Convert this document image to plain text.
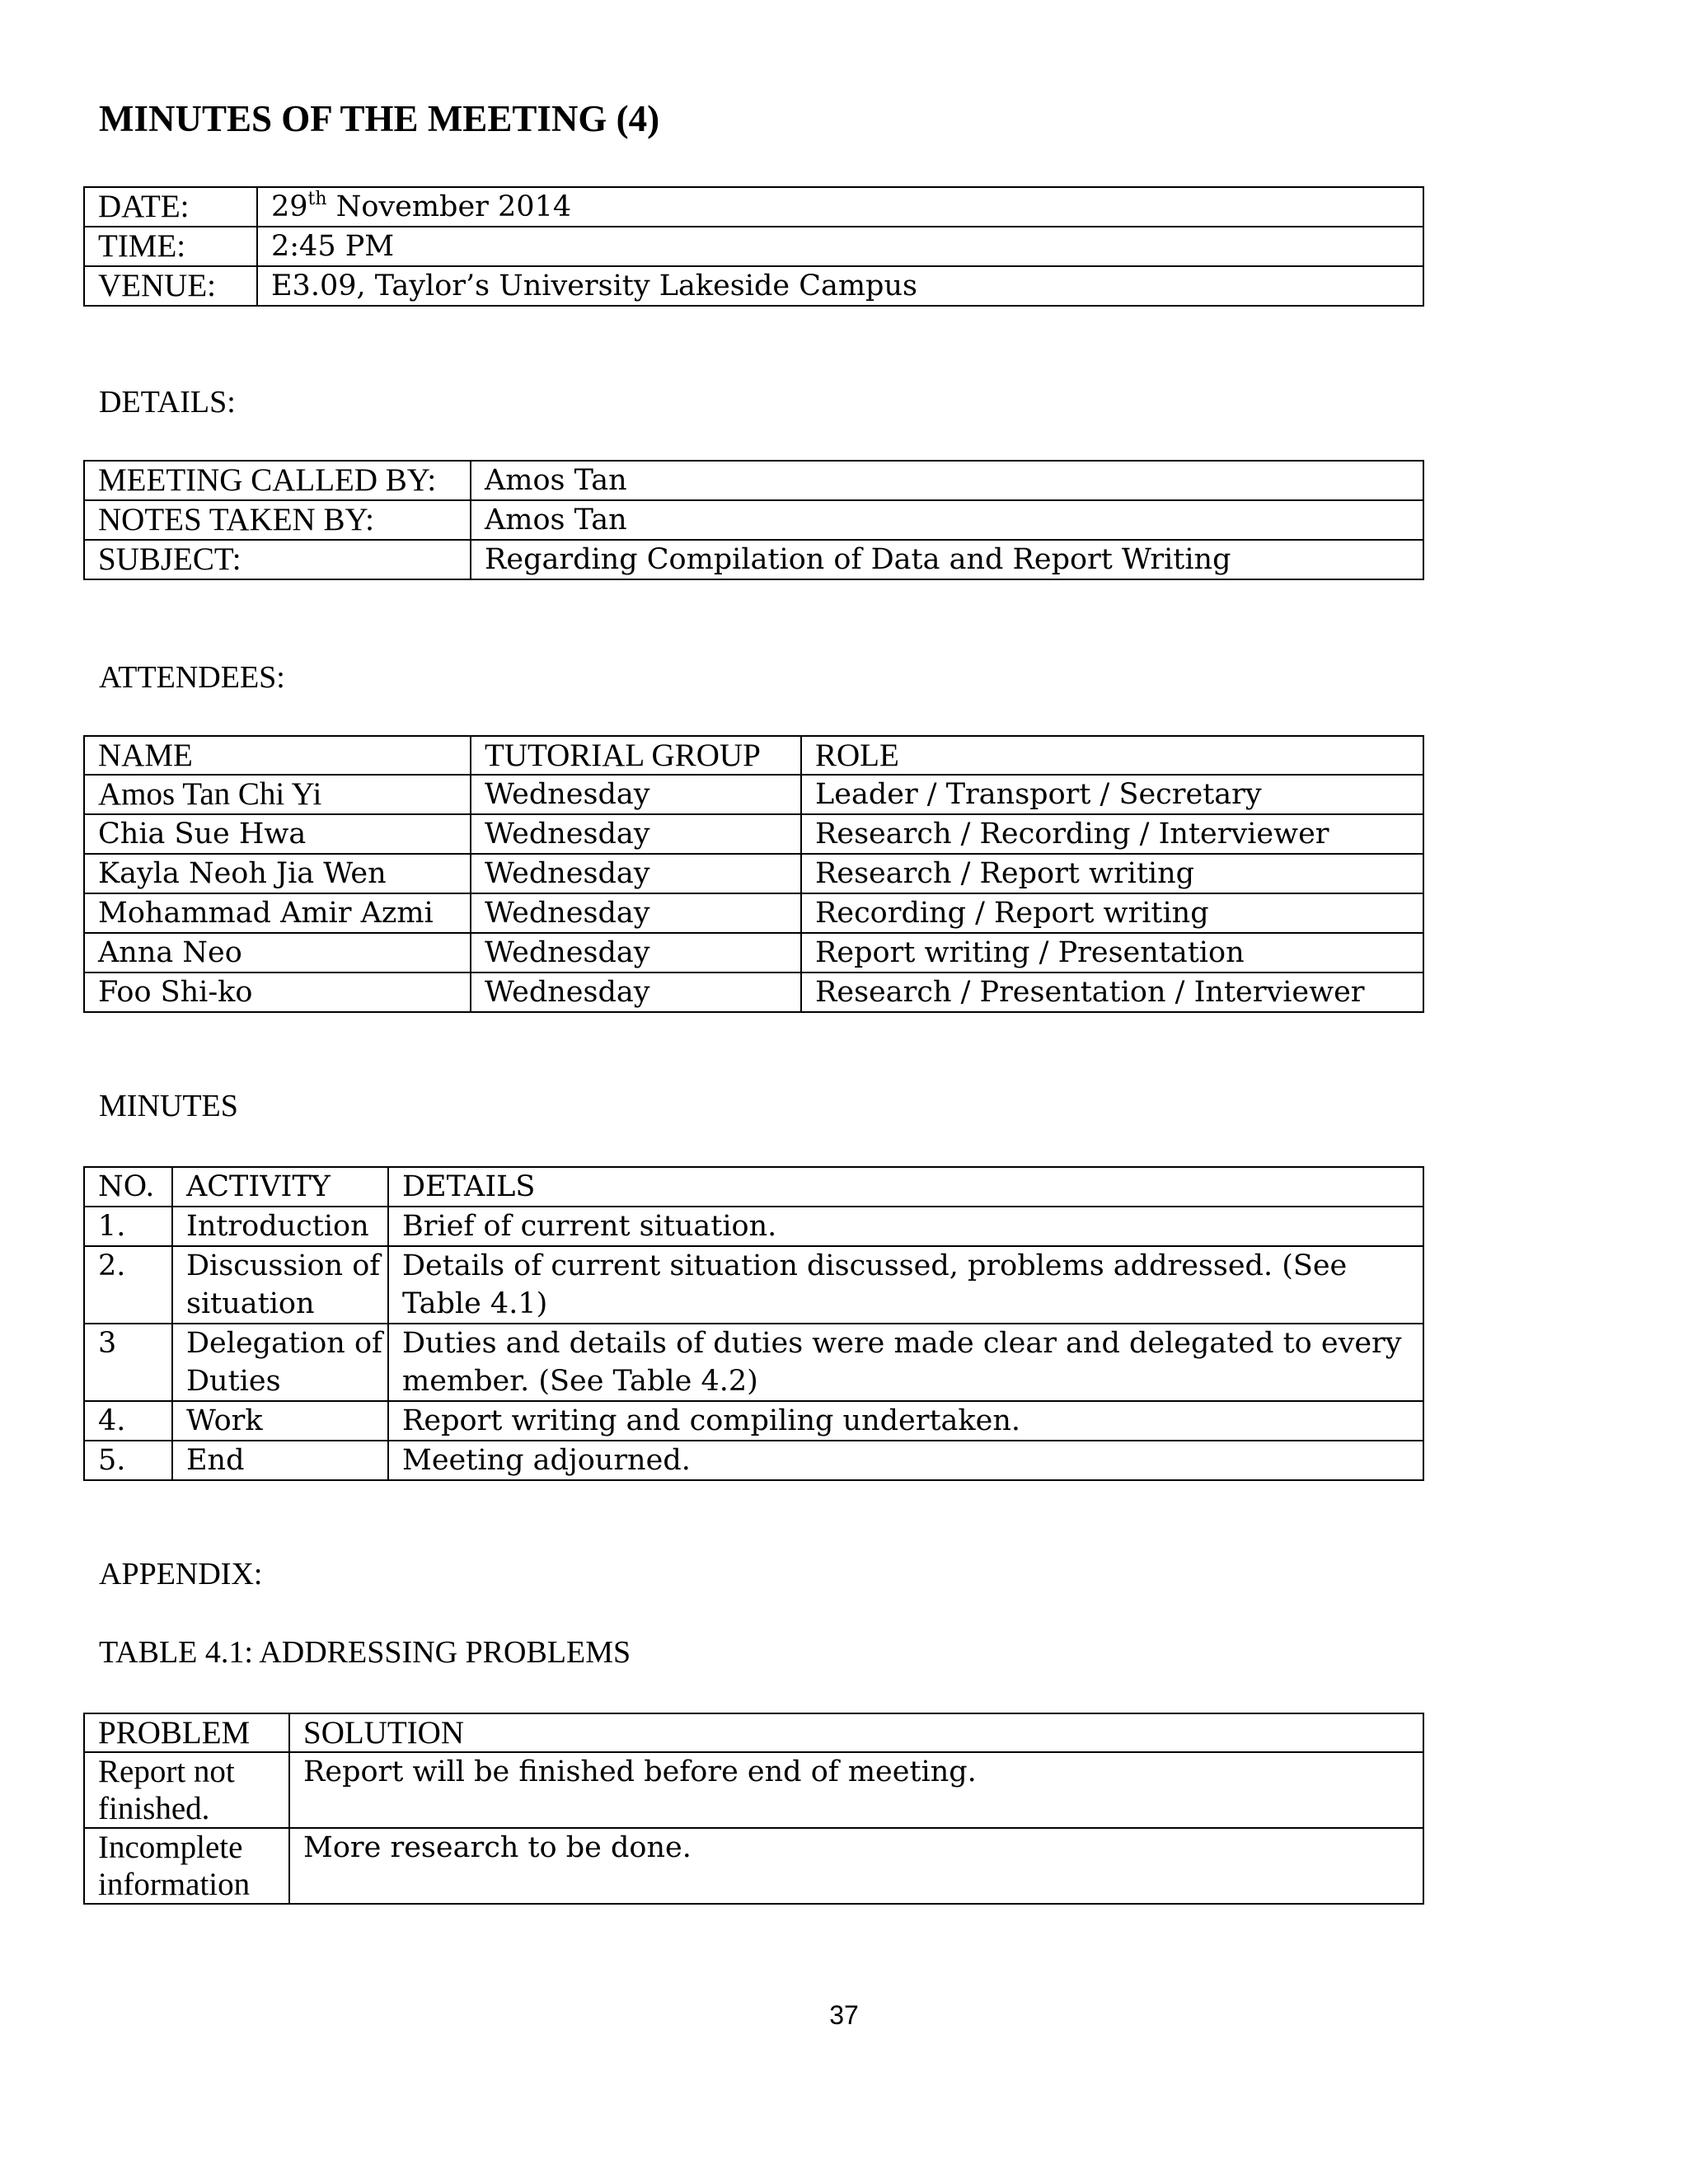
MINUTES OF THE MEETING (4)
DATE:	29th November 2014
TIME:	2:45 PM
VENUE:	E3.09, Taylor’s University Lakeside Campus

DETAILS:

MEETING CALLED BY:	Amos Tan
NOTES TAKEN BY:	Amos Tan
SUBJECT:	Regarding Compilation of Data and Report Writing

ATTENDEES:

NAME	TUTORIAL GROUP	ROLE
Amos Tan Chi Yi	Wednesday	Leader / Transport / Secretary
Chia Sue Hwa	Wednesday	Research / Recording / Interviewer
Kayla Neoh Jia Wen	Wednesday	Research / Report writing
Mohammad Amir Azmi	Wednesday	Recording / Report writing
Anna Neo	Wednesday	Report writing / Presentation
Foo Shi-ko	Wednesday	Research / Presentation / Interviewer

MINUTES

NO.	ACTIVITY	DETAILS
1.	Introduction	Brief of current situation.
2.	Discussion of situation	Details of current situation discussed, problems addressed. (See Table 4.1)
3	Delegation of Duties	Duties and details of duties were made clear and delegated to every member. (See Table 4.2)
4.	Work	Report writing and compiling undertaken.
5.	End	Meeting adjourned.

APPENDIX:

TABLE 4.1: ADDRESSING PROBLEMS

PROBLEM	SOLUTION
Report not finished.	Report will be finished before end of meeting.
Incomplete information	More research to be done.
37
